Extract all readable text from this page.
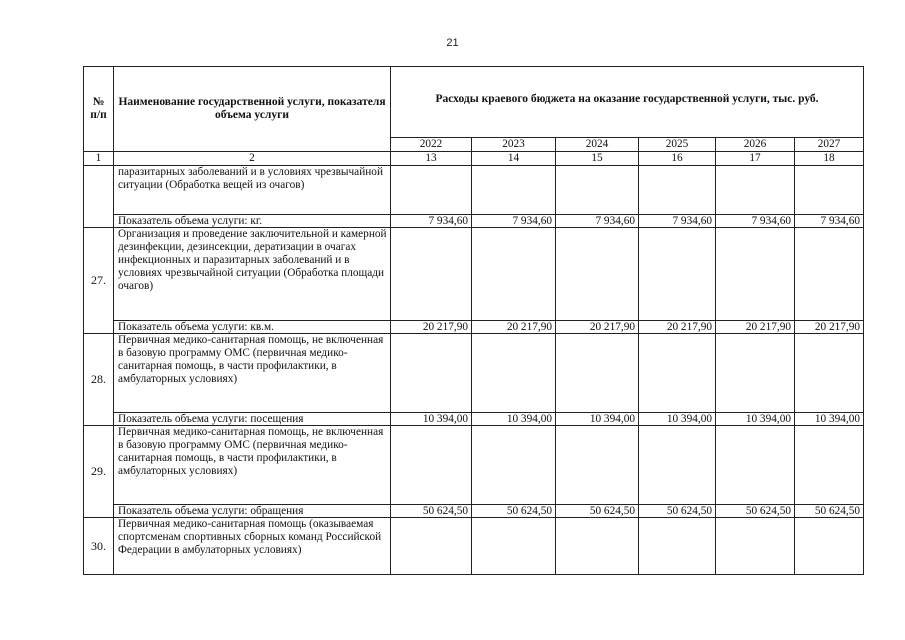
21
№ п/п	Наименование государственной услуги, показателя объема услуги	Расходы краевого бюджета на оказание государственной услуги, тыс. руб.					
		2022	2023	2024	2025	2026	2027
1	2	13	14	15	16	17	18
	паразитарных заболеваний и в условиях чрезвычайной ситуации (Обработка вещей из очагов)						
	Показатель объема услуги: кг.	7 934,60	7 934,60	7 934,60	7 934,60	7 934,60	7 934,60
27.	Организация и проведение заключительной и камерной дезинфекции, дезинсекции, дератизации в очагах инфекционных и паразитарных заболеваний и в условиях чрезвычайной ситуации (Обработка площади очагов)						
	Показатель объема услуги: кв.м.	20 217,90	20 217,90	20 217,90	20 217,90	20 217,90	20 217,90
28.	Первичная медико-санитарная помощь, не включенная в базовую программу ОМС (первичная медико-санитарная помощь, в части профилактики, в амбулаторных условиях)						
	Показатель объема услуги: посещения	10 394,00	10 394,00	10 394,00	10 394,00	10 394,00	10 394,00
29.	Первичная медико-санитарная помощь, не включенная в базовую программу ОМС (первичная медико-санитарная помощь, в части профилактики, в амбулаторных условиях)						
	Показатель объема услуги: обращения	50 624,50	50 624,50	50 624,50	50 624,50	50 624,50	50 624,50
30.	Первичная медико-санитарная помощь (оказываемая спортсменам спортивных сборных команд Российской Федерации в амбулаторных условиях)						
